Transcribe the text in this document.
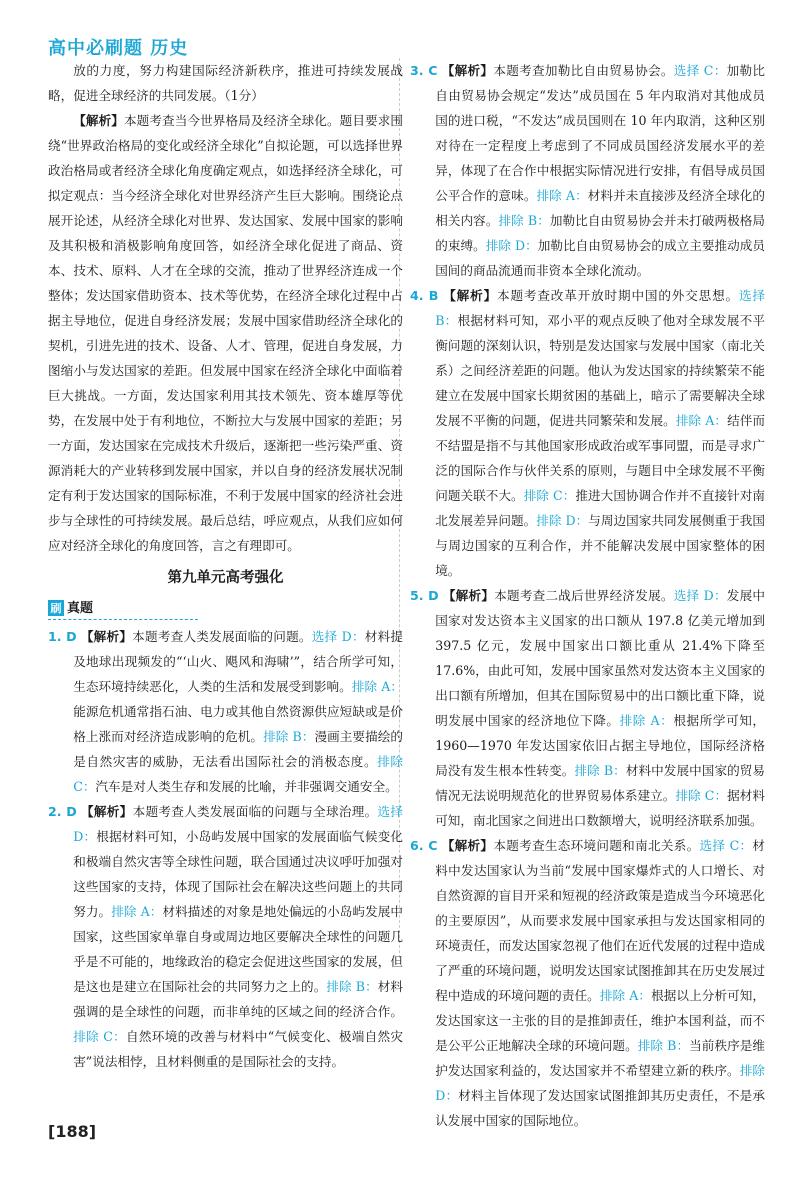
高中必刷题 历史

放的力度，努力构建国际经济新秩序，推进可持续发展战略，促进全球经济的共同发展。（1分）

【解析】本题考查当今世界格局及经济全球化。题目要求围绕“世界政治格局的变化或经济全球化”自拟论题，可以选择世界政治格局或者经济全球化角度确定观点，如选择经济全球化，可拟定观点：当今经济全球化对世界经济产生巨大影响。围绕论点展开论述，从经济全球化对世界、发达国家、发展中国家的影响及其积极和消极影响角度回答，如经济全球化促进了商品、资本、技术、原料、人才在全球的交流，推动了世界经济连成一个整体；发达国家借助资本、技术等优势，在经济全球化过程中占据主导地位，促进自身经济发展；发展中国家借助经济全球化的契机，引进先进的技术、设备、人才、管理，促进自身发展，力图缩小与发达国家的差距。但发展中国家在经济全球化中面临着巨大挑战。一方面，发达国家利用其技术领先、资本雄厚等优势，在发展中处于有利地位，不断拉大与发展中国家的差距；另一方面，发达国家在完成技术升级后，逐渐把一些污染严重、资源消耗大的产业转移到发展中国家，并以自身的经济发展状况制定有利于发达国家的国际标准，不利于发展中国家的经济社会进步与全球性的可持续发展。最后总结，呼应观点，从我们应如何应对经济全球化的角度回答，言之有理即可。

第九单元高考强化
刷 真题

1. D 【解析】本题考查人类发展面临的问题。选择 D：材料提及地球出现频发的“‘山火、飓风和海啸’”，结合所学可知，生态环境持续恶化，人类的生活和发展受到影响。排除 A：能源危机通常指石油、电力或其他自然资源供应短缺或是价格上涨而对经济造成影响的危机。排除 B：漫画主要描绘的是自然灾害的威胁，无法看出国际社会的消极态度。排除 C：汽车是对人类生存和发展的比喻，并非强调交通安全。

2. D 【解析】本题考查人类发展面临的问题与全球治理。选择 D：根据材料可知，小岛屿发展中国家的发展面临气候变化和极端自然灾害等全球性问题，联合国通过决议呼吁加强对这些国家的支持，体现了国际社会在解决这些问题上的共同努力。排除 A：材料描述的对象是地处偏远的小岛屿发展中国家，这些国家单靠自身或周边地区要解决全球性的问题几乎是不可能的，地缘政治的稳定会促进这些国家的发展，但是这也是建立在国际社会的共同努力之上的。排除 B：材料强调的是全球性的问题，而非单纯的区域之间的经济合作。排除 C：自然环境的改善与材料中“气候变化、极端自然灾害”说法相悖，且材料侧重的是国际社会的支持。

3. C 【解析】本题考查加勒比自由贸易协会。选择 C：加勒比自由贸易协会规定“发达”成员国在 5 年内取消对其他成员国的进口税，“不发达”成员国则在 10 年内取消，这种区别对待在一定程度上考虑到了不同成员国经济发展水平的差异，体现了在合作中根据实际情况进行安排，有倡导成员国公平合作的意味。排除 A：材料并未直接涉及经济全球化的相关内容。排除 B：加勒比自由贸易协会并未打破两极格局的束缚。排除 D：加勒比自由贸易协会的成立主要推动成员国间的商品流通而非资本全球化流动。

4. B 【解析】本题考查改革开放时期中国的外交思想。选择 B：根据材料可知，邓小平的观点反映了他对全球发展不平衡问题的深刻认识，特别是发达国家与发展中国家（南北关系）之间经济差距的问题。他认为发达国家的持续繁荣不能建立在发展中国家长期贫困的基础上，暗示了需要解决全球发展不平衡的问题，促进共同繁荣和发展。排除 A：结伴而不结盟是指不与其他国家形成政治或军事同盟，而是寻求广泛的国际合作与伙伴关系的原则，与题目中全球发展不平衡问题关联不大。排除 C：推进大国协调合作并不直接针对南北发展差异问题。排除 D：与周边国家共同发展侧重于我国与周边国家的互利合作，并不能解决发展中国家整体的困境。

5. D 【解析】本题考查二战后世界经济发展。选择 D：发展中国家对发达资本主义国家的出口额从 197.8 亿美元增加到 397.5 亿元，发展中国家出口额比重从 21.4%下降至 17.6%，由此可知，发展中国家虽然对发达资本主义国家的出口额有所增加，但其在国际贸易中的出口额比重下降，说明发展中国家的经济地位下降。排除 A：根据所学可知，1960—1970 年发达国家依旧占据主导地位，国际经济格局没有发生根本性转变。排除 B：材料中发展中国家的贸易情况无法说明规范化的世界贸易体系建立。排除 C：据材料可知，南北国家之间进出口数额增大，说明经济联系加强。

6. C 【解析】本题考查生态环境问题和南北关系。选择 C：材料中发达国家认为当前“发展中国家爆炸式的人口增长、对自然资源的盲目开采和短视的经济政策是造成当今环境恶化的主要原因”，从而要求发展中国家承担与发达国家相同的环境责任，而发达国家忽视了他们在近代发展的过程中造成了严重的环境问题，说明发达国家试图推卸其在历史发展过程中造成的环境问题的责任。排除 A：根据以上分析可知，发达国家这一主张的目的是推卸责任，维护本国利益，而不是公平公正地解决全球的环境问题。排除 B：当前秩序是维护发达国家利益的，发达国家并不希望建立新的秩序。排除 D：材料主旨体现了发达国家试图推卸其历史责任，不是承认发展中国家的国际地位。

[188]
